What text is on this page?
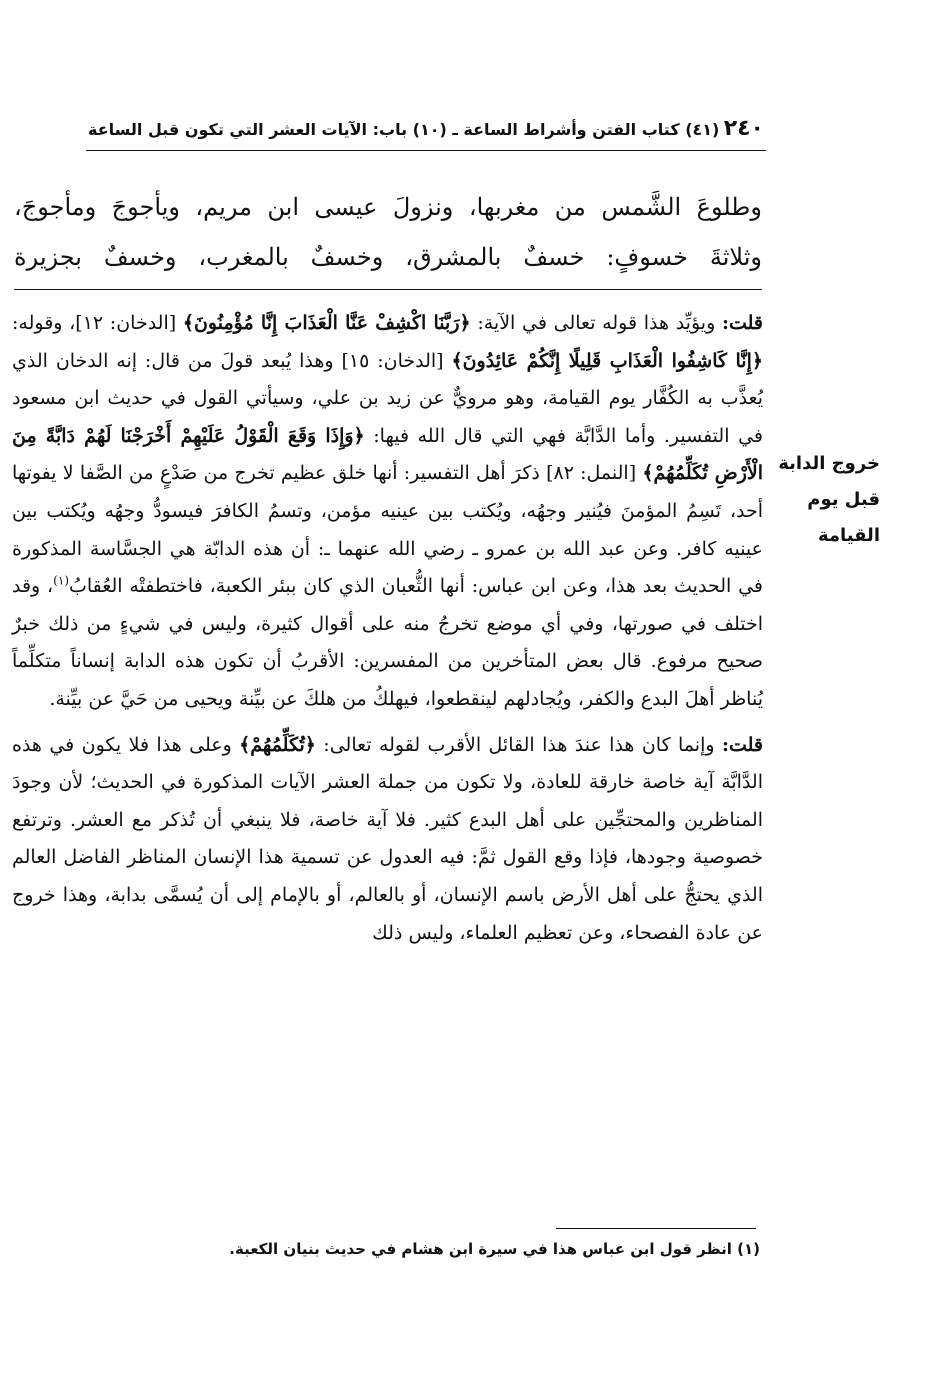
٢٤٠
(٤١) كتاب الفتن وأشراط الساعة ـ (١٠) باب: الآيات العشر التي تكون قبل الساعة

وطلوعَ الشَّمس من مغربها، ونزولَ عيسى ابن مريم، ويأجوجَ ومأجوجَ،

وثلاثةَ خسوفٍ: خسفٌ بالمشرق، وخسفٌ بالمغرب، وخسفٌ بجزيرة

خروج الدابة قبل يوم القيامة

قلت: ويؤيِّد هذا قوله تعالى في الآية: ﴿رَبَّنَا اكْشِفْ عَنَّا الْعَذَابَ إِنَّا مُؤْمِنُونَ﴾ [الدخان: ١٢]، وقوله: ﴿إِنَّا كَاشِفُوا الْعَذَابِ قَلِيلًا إِنَّكُمْ عَائِدُونَ﴾ [الدخان: ١٥] وهذا يُبعد قولَ من قال: إنه الدخان الذي يُعذَّب به الكُفَّار يوم القيامة، وهو مرويٌّ عن زيد بن علي، وسيأتي القول في حديث ابن مسعود في التفسير. وأما الدَّابَّة فهي التي قال الله فيها: ﴿وَإِذَا وَقَعَ الْقَوْلُ عَلَيْهِمْ أَخْرَجْنَا لَهُمْ دَابَّةً مِنَ الْأَرْضِ تُكَلِّمُهُمْ﴾ [النمل: ٨٢] ذكرَ أهل التفسير: أنها خلق عظيم تخرج من صَدْعٍ من الصَّفا لا يفوتها أحد، تَسِمُ المؤمنَ فيُنير وجهُه، ويُكتب بين عينيه مؤمن، وتسمُ الكافرَ فيسودُّ وجهُه ويُكتب بين عينيه كافر. وعن عبد الله بن عمرو ـ رضي الله عنهما ـ: أن هذه الدابّة هي الجسَّاسة المذكورة في الحديث بعد هذا، وعن ابن عباس: أنها الثُّعبان الذي كان ببئر الكعبة، فاختطفتْه العُقابُ$^{(١)}$، وقد اختلف في صورتها، وفي أي موضع تخرجُ منه على أقوال كثيرة، وليس في شيءٍ من ذلك خبرٌ صحيح مرفوع. قال بعض المتأخرين من المفسرين: الأقربُ أن تكون هذه الدابة إنساناً متكلِّماً يُناظر أهلَ البدع والكفر، ويُجادلهم لينقطعوا، فيهلكُ من هلكَ عن بيِّنة ويحيى من حَيَّ عن بيِّنة.

قلت: وإنما كان هذا عندَ هذا القائل الأقرب لقوله تعالى: ﴿تُكَلِّمُهُمْ﴾ وعلى هذا فلا يكون في هذه الدَّابَّة آية خاصة خارقة للعادة، ولا تكون من جملة العشر الآيات المذكورة في الحديث؛ لأن وجودَ المناظرين والمحتجِّين على أهل البدع كثير. فلا آية خاصة، فلا ينبغي أن تُذكر مع العشر. وترتفع خصوصية وجودها، فإذا وقع القول ثمَّ: فيه العدول عن تسمية هذا الإنسان المناظر الفاضل العالم الذي يحتجُّ على أهل الأرض باسم الإنسان، أو بالعالم، أو بالإمام إلى أن يُسمَّى بدابة، وهذا خروج عن عادة الفصحاء، وعن تعظيم العلماء، وليس ذلك

(١) انظر قول ابن عباس هذا في سيرة ابن هشام في حديث بنيان الكعبة.
